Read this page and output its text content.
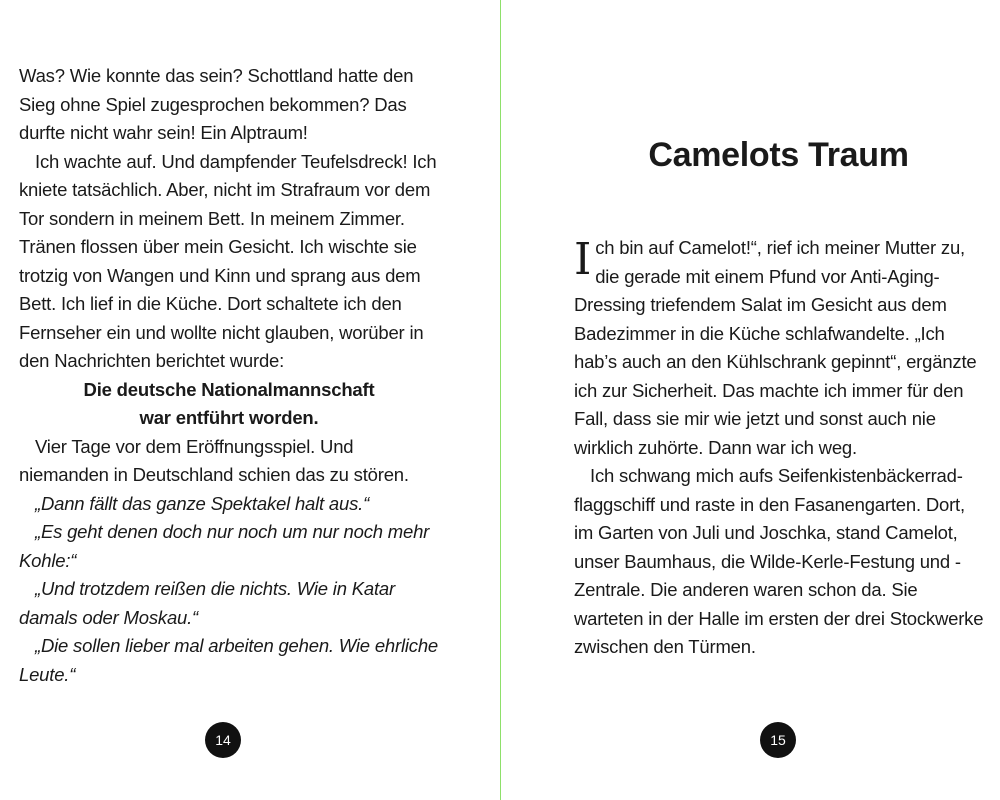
Was? Wie konnte das sein? Schottland hatte den Sieg ohne Spiel zugesprochen bekommen? Das durfte nicht wahr sein! Ein Alptraum!

Ich wachte auf. Und dampfender Teufelsdreck! Ich kniete tatsächlich. Aber, nicht im Strafraum vor dem Tor sondern in meinem Bett. In meinem Zimmer. Tränen flossen über mein Gesicht. Ich wischte sie trotzig von Wangen und Kinn und sprang aus dem Bett. Ich lief in die Küche. Dort schaltete ich den Fernseher ein und wollte nicht glauben, worüber in den Nachrichten berichtet wurde:

Die deutsche Nationalmannschaft

war entführt worden.

Vier Tage vor dem Eröffnungsspiel. Und niemanden in Deutschland schien das zu stören.

„Dann fällt das ganze Spektakel halt aus.“

„Es geht denen doch nur noch um nur noch mehr Kohle:“

„Und trotzdem reißen die nichts. Wie in Katar damals oder Moskau.“

„Die sollen lieber mal arbeiten gehen. Wie ehrliche Leute.“

14
Camelots Traum

Ich bin auf Camelot!“, rief ich meiner Mutter zu, die gerade mit einem Pfund vor Anti-Aging-Dressing triefendem Salat im Gesicht aus dem Badezimmer in die Küche schlafwandelte. „Ich hab’s auch an den Kühlschrank gepinnt“, ergänzte ich zur Sicherheit. Das machte ich immer für den Fall, dass sie mir wie jetzt und sonst auch nie wirklich zuhörte. Dann war ich weg.

Ich schwang mich aufs Seifenkistenbäckerrad-flaggschiff und raste in den Fasanengarten. Dort, im Garten von Juli und Joschka, stand Camelot, unser Baumhaus, die Wilde-Kerle-Festung und -Zentrale. Die anderen waren schon da. Sie warteten in der Halle im ersten der drei Stockwerke zwischen den Türmen.

15
